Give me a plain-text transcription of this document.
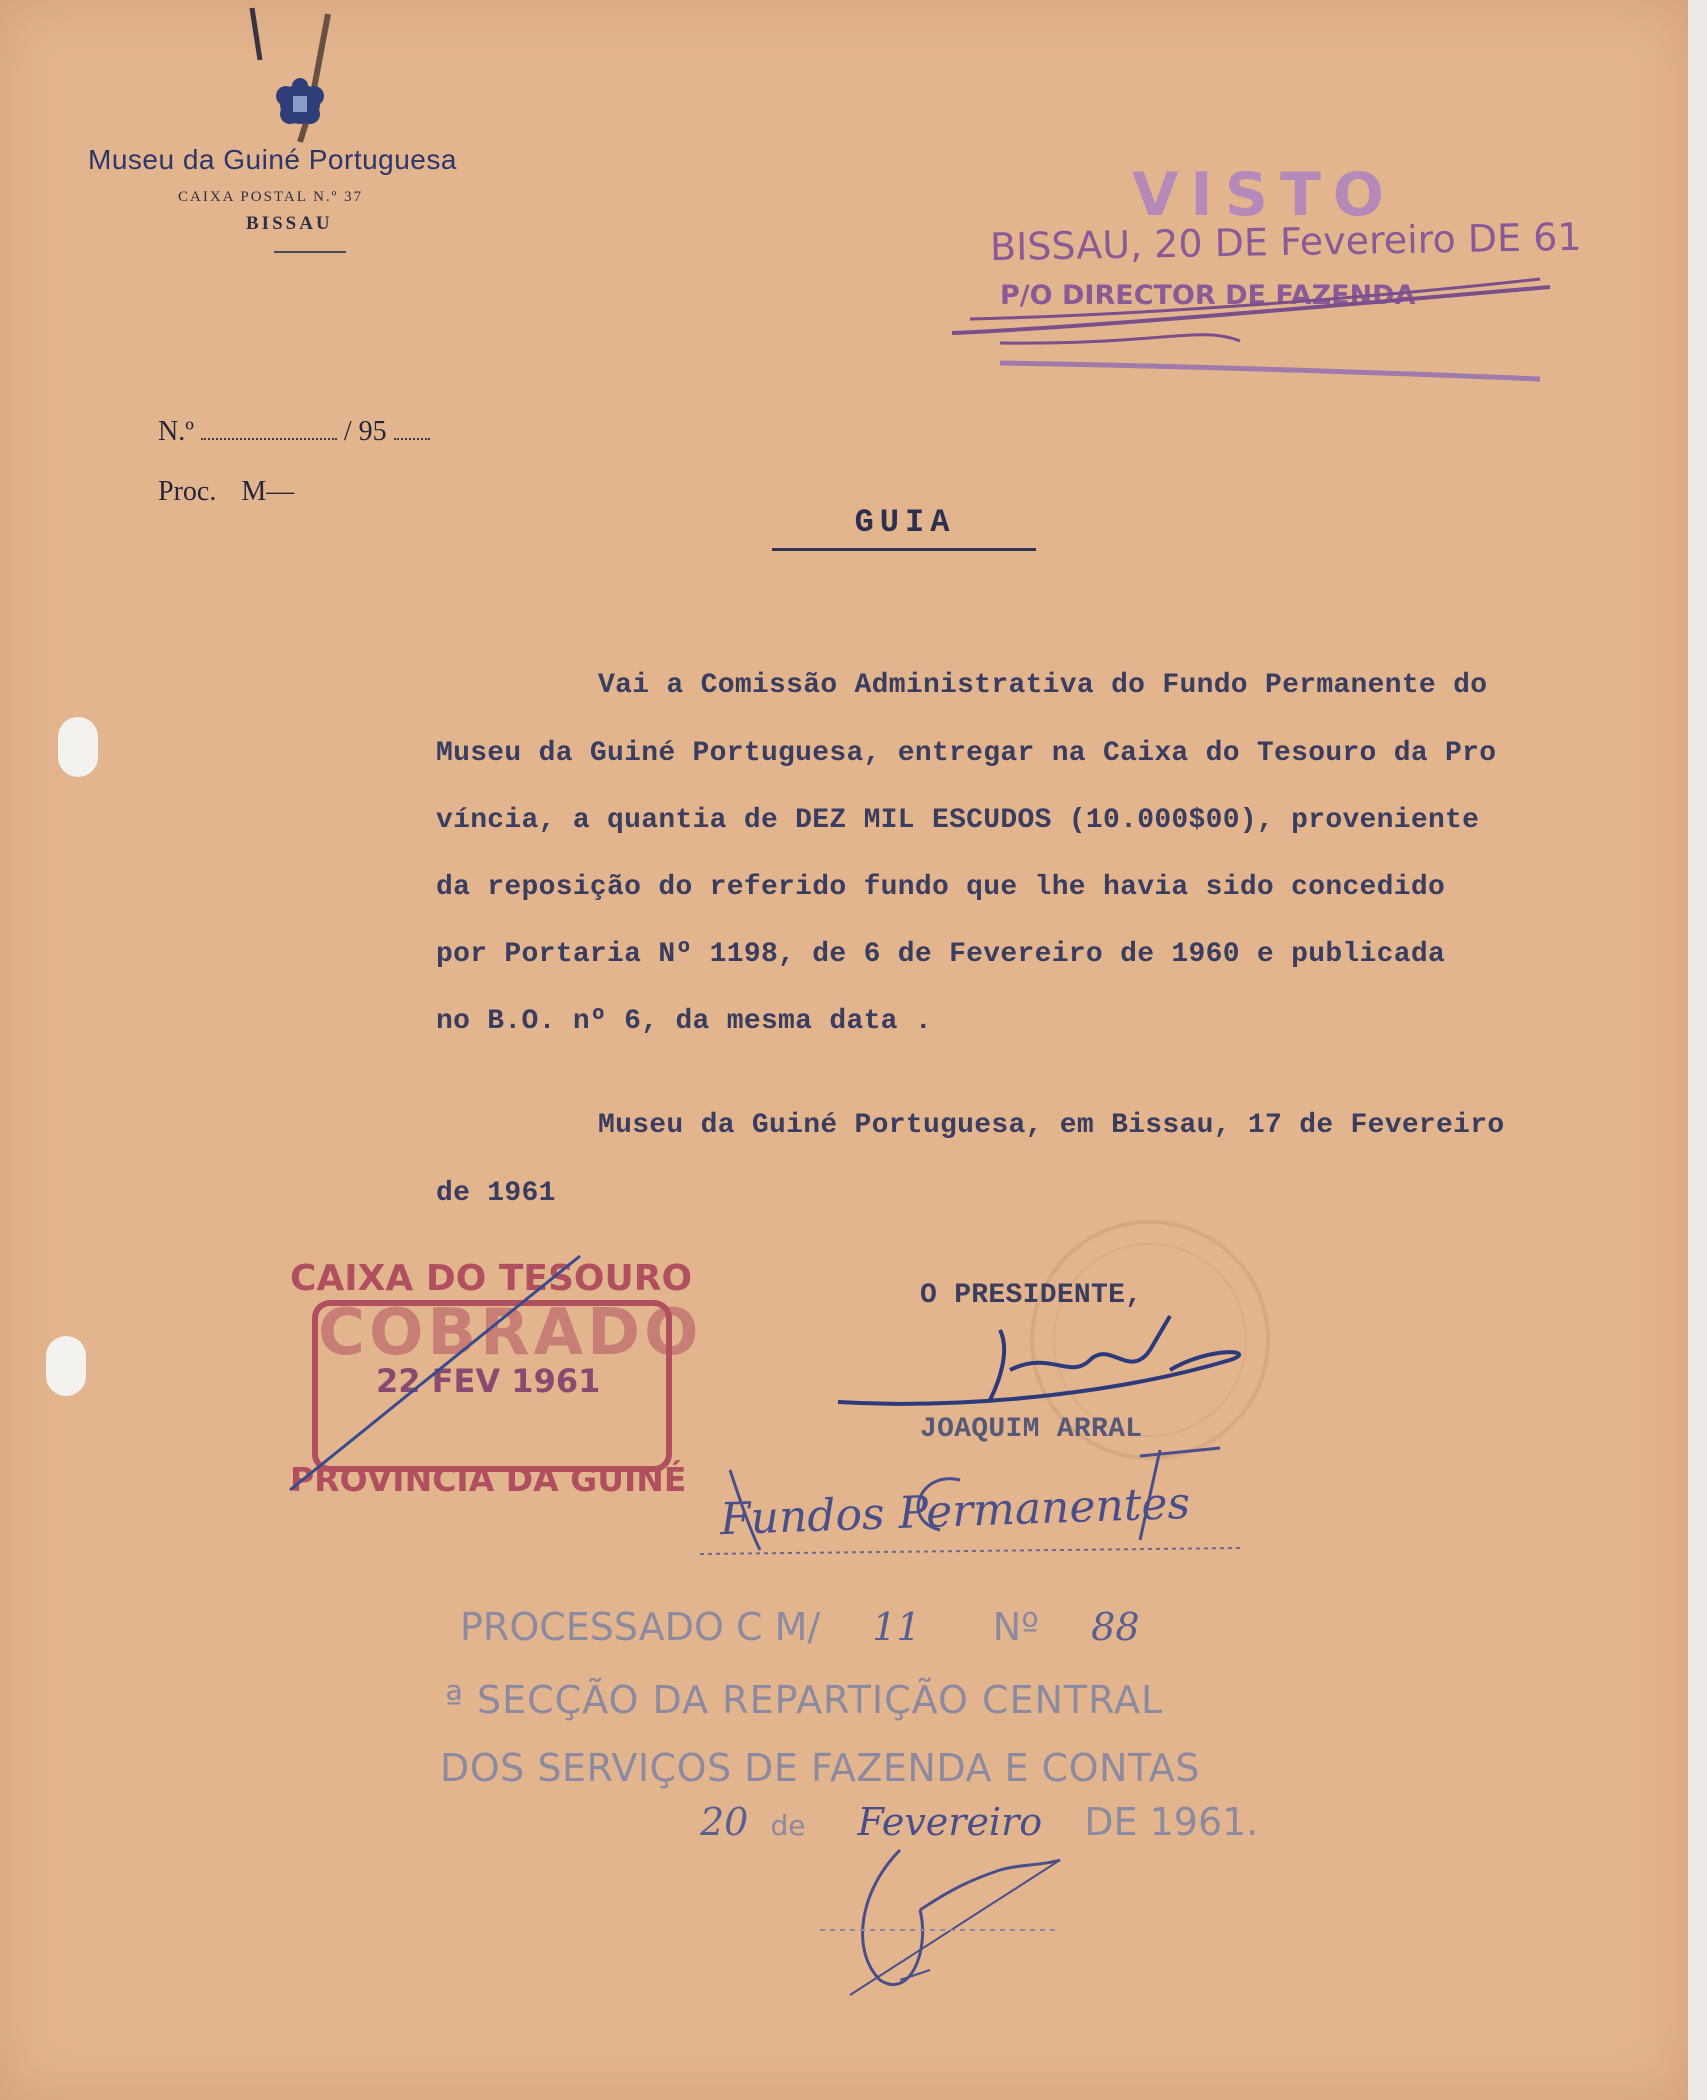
Museu da Guiné Portuguesa
CAIXA POSTAL N.º 37
BISSAU	VISTO
BISSAU, 20 DE Fevereiro DE 61
P/O DIRECTOR DE FAZENDA
N.º	/ 95
Proc. M—
GUIA
Vai a Comissão Administrativa do Fundo Permanente do
Museu da Guiné Portuguesa, entregar na Caixa do Tesouro da Pro
víncia, a quantia de DEZ MIL ESCUDOS (10.000$00), proveniente
da reposição do referido fundo que lhe havia sido concedido
por Portaria Nº 1198, de 6 de Fevereiro de 1960 e publicada
no B.O. nº 6, da mesma data .
Museu da Guiné Portuguesa, em Bissau, 17 de Fevereiro
de 1961
CAIXA DO TESOURO
COBRADO
22 FEV 1961
PROVINCIA DA GUINÉ
O PRESIDENTE,
JOAQUIM ARRAL
Fundos Permanentes
PROCESSADO C M/ 11 Nº 88
ª SECÇÃO DA REPARTIÇÃO CENTRAL
DOS SERVIÇOS DE FAZENDA E CONTAS
20 de Fevereiro DE 1961.
